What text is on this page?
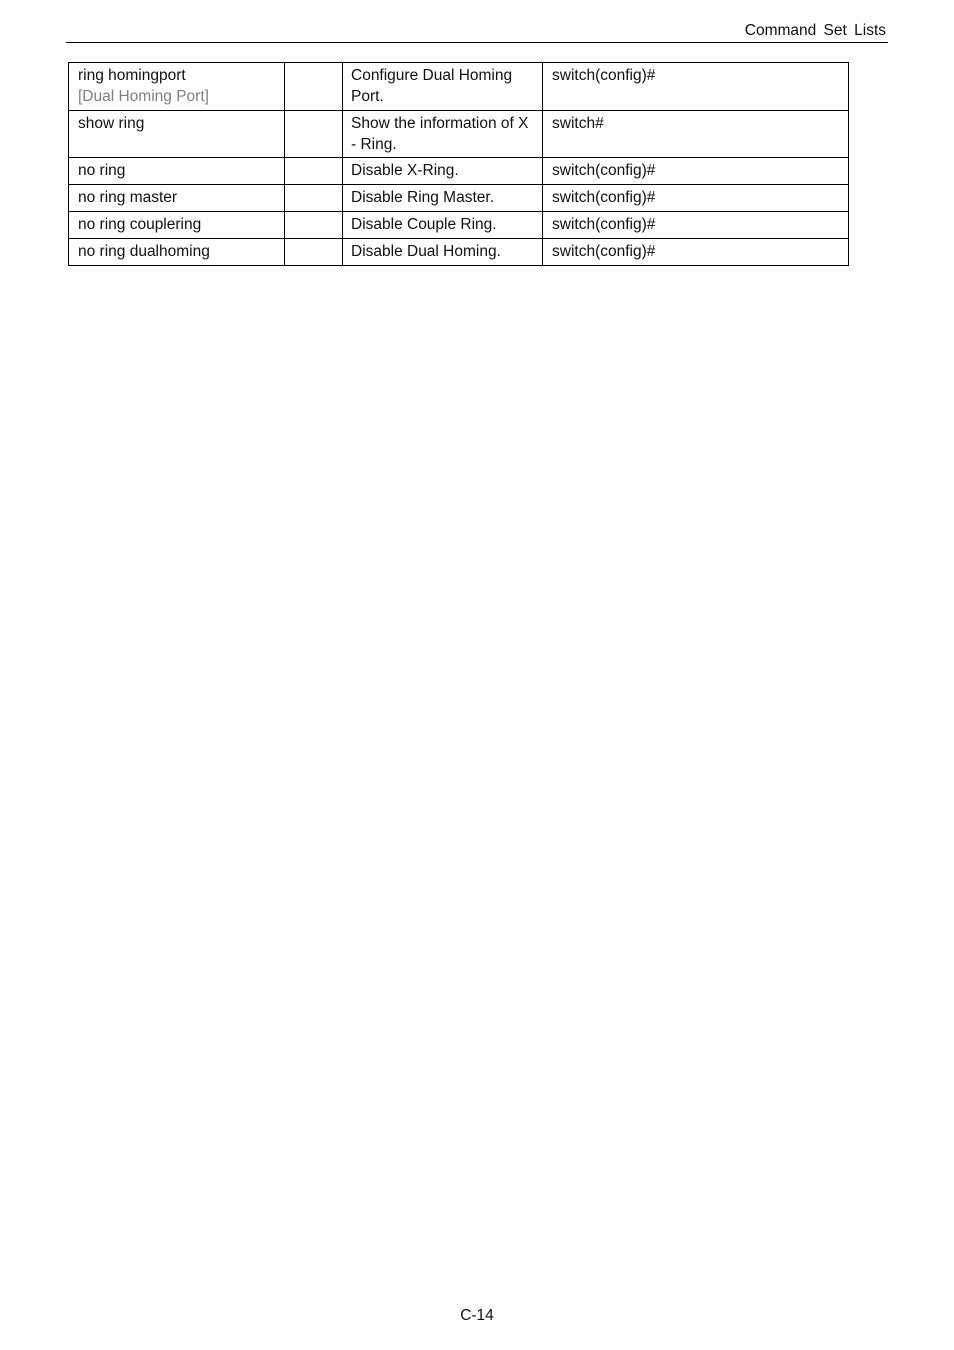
Command Set Lists
ring homingport
[Dual Homing Port]		Configure Dual Homing Port.	switch(config)#
show ring		Show the information of X - Ring.	switch#
no ring		Disable X-Ring.	switch(config)#
no ring master		Disable Ring Master.	switch(config)#
no ring couplering		Disable Couple Ring.	switch(config)#
no ring dualhoming		Disable Dual Homing.	switch(config)#
C-14
